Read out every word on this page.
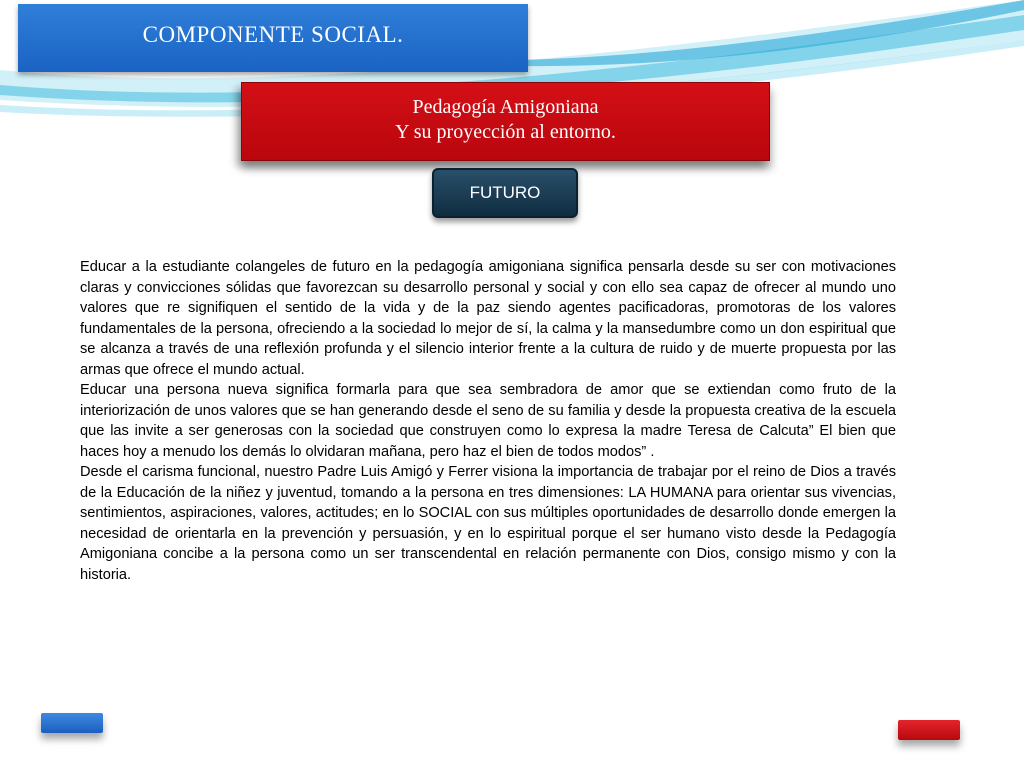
COMPONENTE SOCIAL.
Pedagogía Amigoniana
Y su proyección al entorno.
FUTURO

Educar a la estudiante colangeles de futuro en la pedagogía amigoniana significa pensarla desde su ser con motivaciones claras y convicciones sólidas que favorezcan su desarrollo personal y social y con ello sea capaz de ofrecer al mundo uno valores que re signifiquen el sentido de la vida y de la paz siendo agentes pacificadoras, promotoras de los valores fundamentales de la persona, ofreciendo a la sociedad lo mejor de sí, la calma y la mansedumbre como un don espiritual que se alcanza a través de una reflexión profunda y el silencio interior frente a la cultura de ruido y de muerte propuesta por las armas que ofrece el mundo actual.

Educar una persona nueva significa formarla para que sea sembradora de amor que se extiendan como fruto de la interiorización de unos valores que se han generando desde el seno de su familia y desde la propuesta creativa de la escuela que las invite a ser generosas con la sociedad que construyen como lo expresa la madre Teresa de Calcuta” El bien que haces hoy a menudo los demás lo olvidaran mañana, pero haz el bien de todos modos” .

Desde el carisma funcional, nuestro Padre Luis Amigó y Ferrer visiona la importancia de trabajar por el reino de Dios a través de la Educación de la niñez y juventud, tomando a la persona en tres dimensiones: LA HUMANA para orientar sus vivencias, sentimientos, aspiraciones, valores, actitudes; en lo SOCIAL con sus múltiples oportunidades de desarrollo donde emergen la necesidad de orientarla en la prevención y persuasión, y en lo espiritual porque el ser humano visto desde la Pedagogía Amigoniana concibe a la persona como un ser transcendental en relación permanente con Dios, consigo mismo y con la historia.
